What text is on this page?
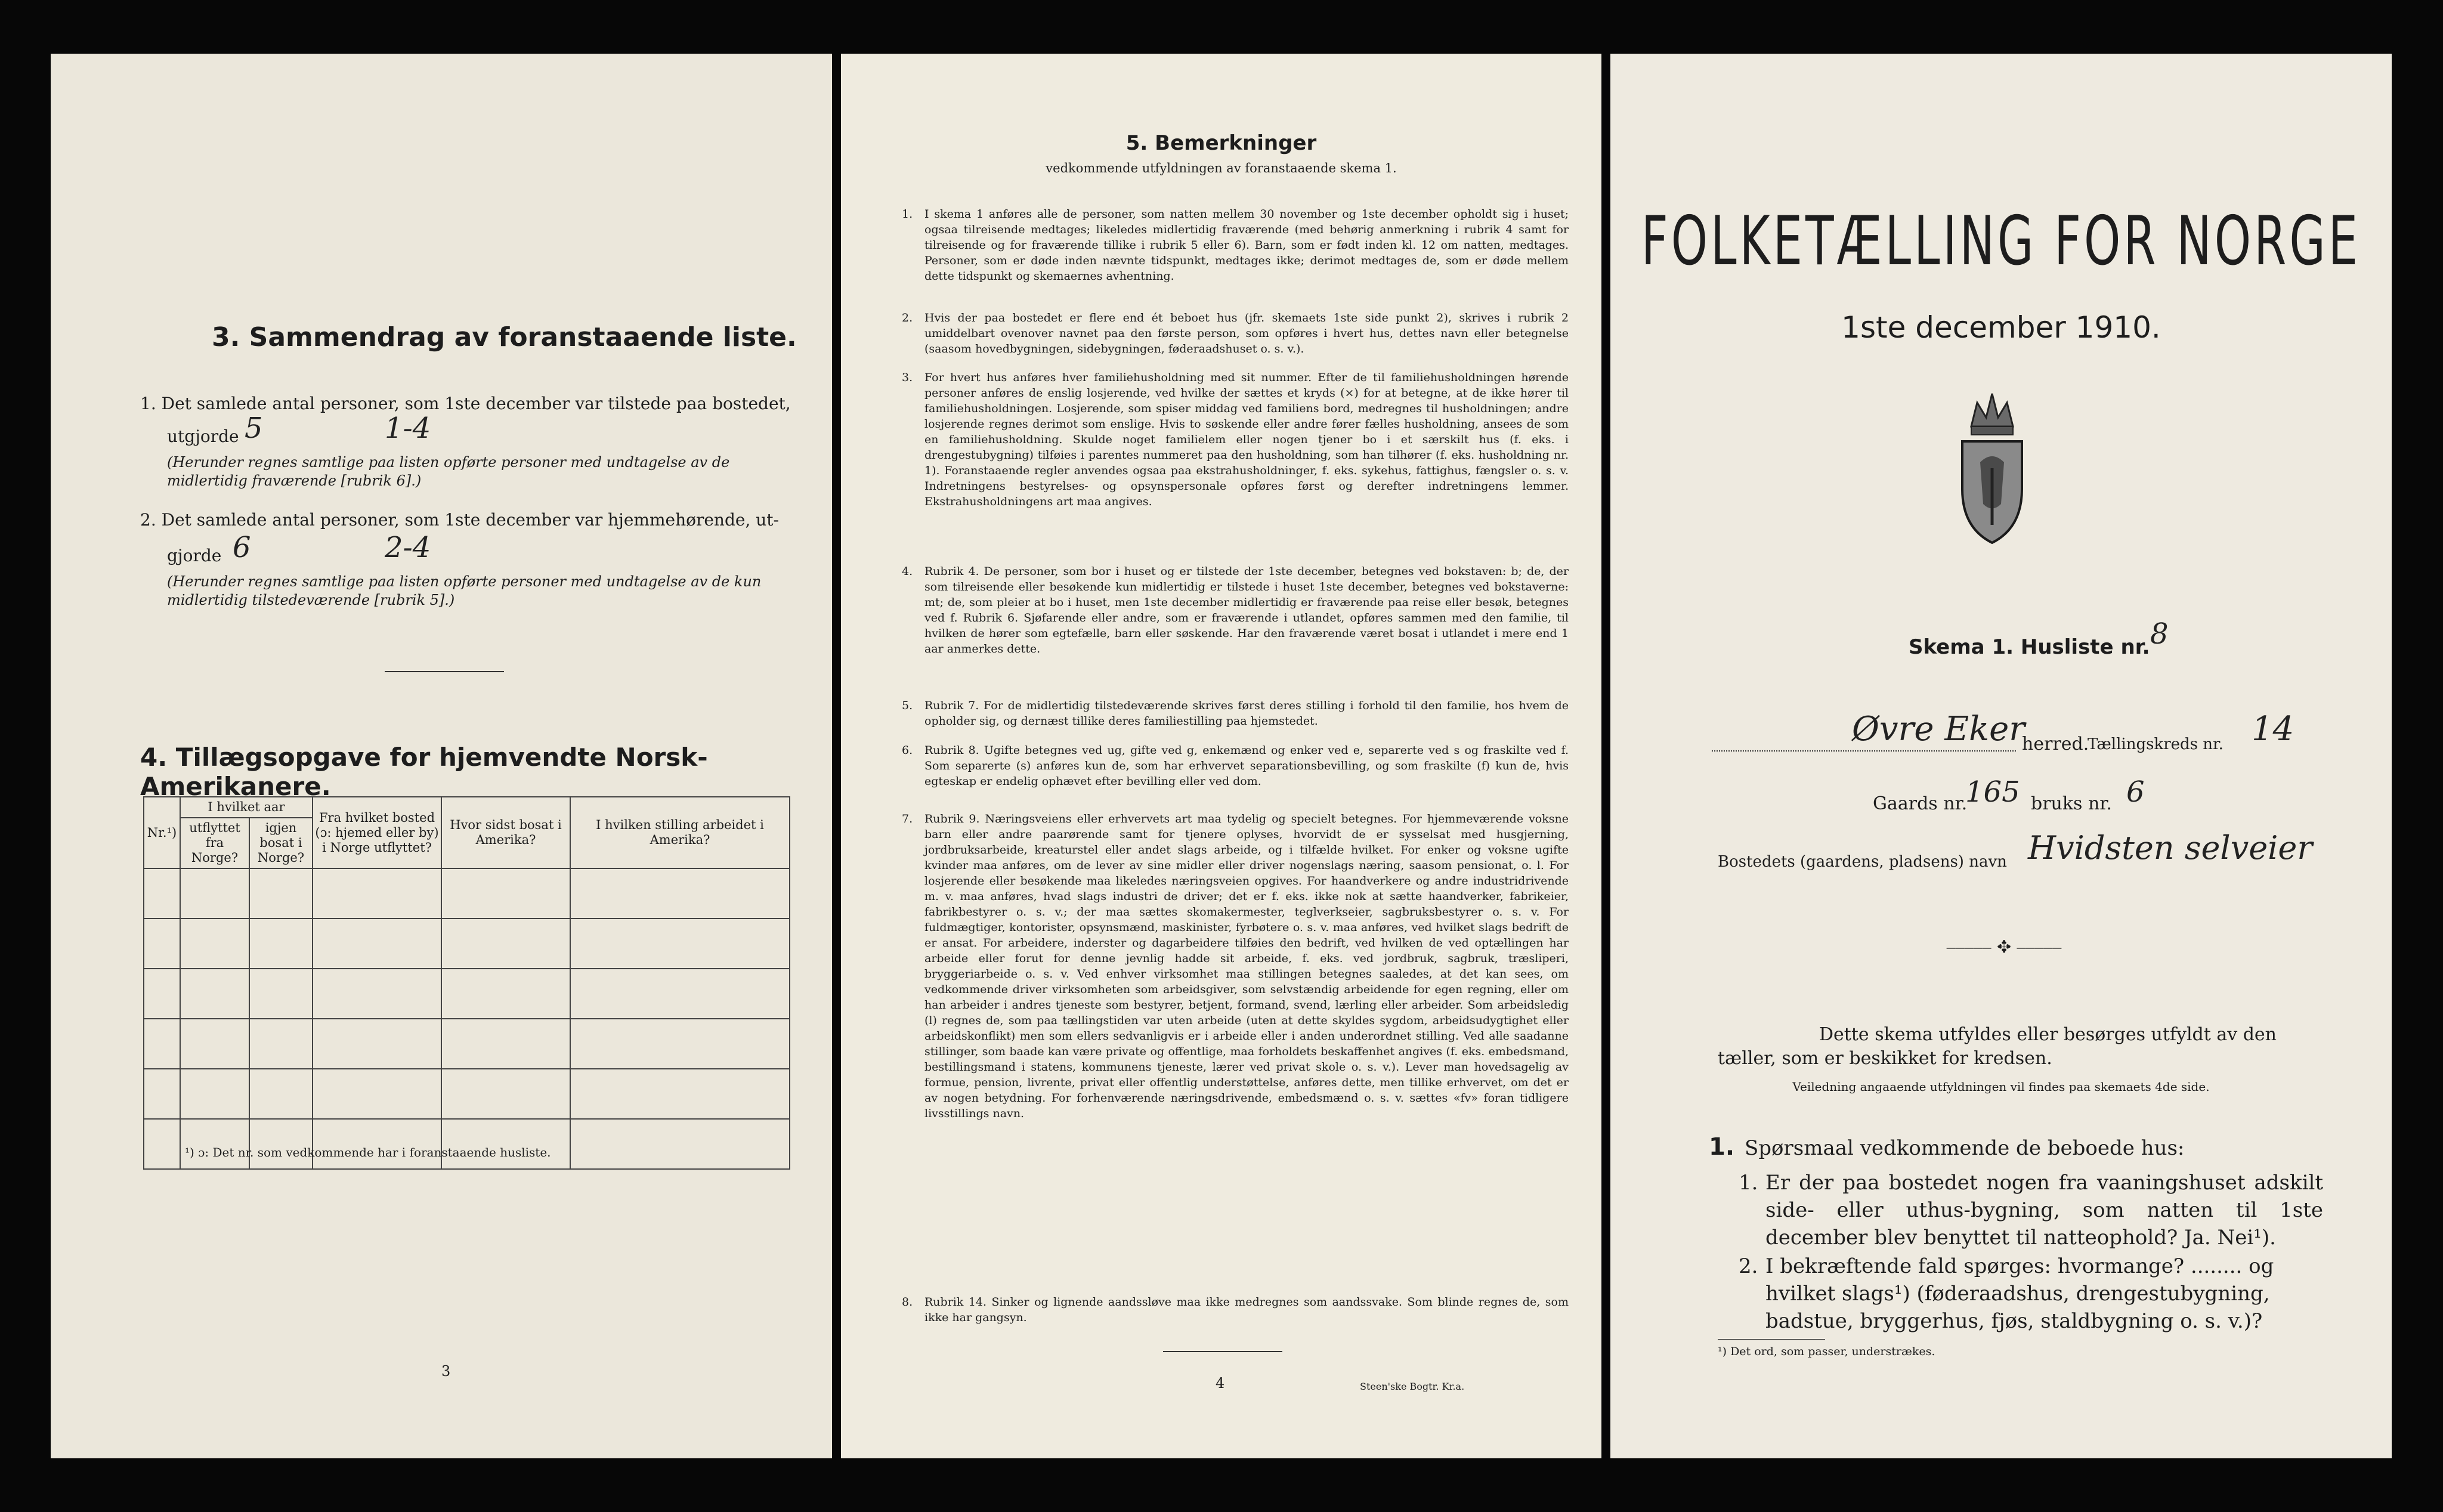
3. Sammendrag av foranstaaende liste.
1. Det samlede antal personer, som 1ste december var tilstede paa bostedet,
utgjorde 5	1-4
(Herunder regnes samtlige paa listen opførte personer med undtagelse av de midlertidig fraværende [rubrik 6].)
2. Det samlede antal personer, som 1ste december var hjemmehørende, ut-
gjorde 6	2-4
(Herunder regnes samtlige paa listen opførte personer med undtagelse av de kun midlertidig tilstedeværende [rubrik 5].)
4. Tillægsopgave for hjemvendte Norsk-Amerikanere.
Nr.¹)	I hvilket aar		Fra hvilket bosted (ɔ: hjemed eller by) i Norge utflyttet?	Hvor sidst bosat i Amerika?	I hvilken stilling arbeidet i Amerika?
	utflyttet fra Norge?	igjen bosat i Norge?			

¹) ɔ: Det nr. som vedkommende har i foranstaaende husliste.
3
5. Bemerkninger
vedkommende utfyldningen av foranstaaende skema 1.
1. I skema 1 anføres alle de personer, som natten mellem 30 november og 1ste december opholdt sig i huset; ogsaa tilreisende medtages; likeledes midlertidig fraværende (med behørig anmerkning i rubrik 4 samt for tilreisende og for fraværende tillike i rubrik 5 eller 6). Barn, som er født inden kl. 12 om natten, medtages. Personer, som er døde inden nævnte tidspunkt, medtages ikke; derimot medtages de, som er døde mellem dette tidspunkt og skemaernes avhentning.
2. Hvis der paa bostedet er flere end ét beboet hus (jfr. skemaets 1ste side punkt 2), skrives i rubrik 2 umiddelbart ovenover navnet paa den første person, som opføres i hvert hus, dettes navn eller betegnelse (saasom hovedbygningen, sidebygningen, føderaadshuset o. s. v.).
3. For hvert hus anføres hver familiehusholdning med sit nummer. Efter de til familiehusholdningen hørende personer anføres de enslig losjerende, ved hvilke der sættes et kryds (×) for at betegne, at de ikke hører til familiehusholdningen. Losjerende, som spiser middag ved familiens bord, medregnes til husholdningen; andre losjerende regnes derimot som enslige. Hvis to søskende eller andre fører fælles husholdning, ansees de som en familiehusholdning. Skulde noget familielem eller nogen tjener bo i et særskilt hus (f. eks. i drengestubygning) tilføies i parentes nummeret paa den husholdning, som han tilhører (f. eks. husholdning nr. 1). Foranstaaende regler anvendes ogsaa paa ekstrahusholdninger, f. eks. sykehus, fattighus, fængsler o. s. v. Indretningens bestyrelses- og opsynspersonale opføres først og derefter indretningens lemmer. Ekstrahusholdningens art maa angives.
4. Rubrik 4. De personer, som bor i huset og er tilstede der 1ste december, betegnes ved bokstaven: b; de, der som tilreisende eller besøkende kun midlertidig er tilstede i huset 1ste december, betegnes ved bokstaverne: mt; de, som pleier at bo i huset, men 1ste december midlertidig er fraværende paa reise eller besøk, betegnes ved f. Rubrik 6. Sjøfarende eller andre, som er fraværende i utlandet, opføres sammen med den familie, til hvilken de hører som egtefælle, barn eller søskende. Har den fraværende været bosat i utlandet i mere end 1 aar anmerkes dette.
5. Rubrik 7. For de midlertidig tilstedeværende skrives først deres stilling i forhold til den familie, hos hvem de opholder sig, og dernæst tillike deres familiestilling paa hjemstedet.
6. Rubrik 8. Ugifte betegnes ved ug, gifte ved g, enkemænd og enker ved e, separerte ved s og fraskilte ved f. Som separerte (s) anføres kun de, som har erhvervet separationsbevilling, og som fraskilte (f) kun de, hvis egteskap er endelig ophævet efter bevilling eller ved dom.
7. Rubrik 9. Næringsveiens eller erhvervets art maa tydelig og specielt betegnes. For hjemmeværende voksne barn eller andre paarørende samt for tjenere oplyses, hvorvidt de er sysselsat med husgjerning, jordbruksarbeide, kreaturstel eller andet slags arbeide, og i tilfælde hvilket. For enker og voksne ugifte kvinder maa anføres, om de lever av sine midler eller driver nogenslags næring, saasom pensionat, o. l. For losjerende eller besøkende maa likeledes næringsveien opgives. For haandverkere og andre industridrivende m. v. maa anføres, hvad slags industri de driver; det er f. eks. ikke nok at sætte haandverker, fabrikeier, fabrikbestyrer o. s. v.; der maa sættes skomakermester, teglverkseier, sagbruksbestyrer o. s. v. For fuldmægtiger, kontorister, opsynsmænd, maskinister, fyrbøtere o. s. v. maa anføres, ved hvilket slags bedrift de er ansat. For arbeidere, inderster og dagarbeidere tilføies den bedrift, ved hvilken de ved optællingen har arbeide eller forut for denne jevnlig hadde sit arbeide, f. eks. ved jordbruk, sagbruk, træsliperi, bryggeriarbeide o. s. v. Ved enhver virksomhet maa stillingen betegnes saaledes, at det kan sees, om vedkommende driver virksomheten som arbeidsgiver, som selvstændig arbeidende for egen regning, eller om han arbeider i andres tjeneste som bestyrer, betjent, formand, svend, lærling eller arbeider. Som arbeidsledig (l) regnes de, som paa tællingstiden var uten arbeide (uten at dette skyldes sygdom, arbeidsudygtighet eller arbeidskonflikt) men som ellers sedvanligvis er i arbeide eller i anden underordnet stilling. Ved alle saadanne stillinger, som baade kan være private og offentlige, maa forholdets beskaffenhet angives (f. eks. embedsmand, bestillingsmand i statens, kommunens tjeneste, lærer ved privat skole o. s. v.). Lever man hovedsagelig av formue, pension, livrente, privat eller offentlig understøttelse, anføres dette, men tillike erhvervet, om det er av nogen betydning. For forhenværende næringsdrivende, embedsmænd o. s. v. sættes «fv» foran tidligere livsstillings navn.
8. Rubrik 14. Sinker og lignende aandssløve maa ikke medregnes som aandssvake. Som blinde regnes de, som ikke har gangsyn.
4	Steen'ske Bogtr. Kr.a.
FOLKETÆLLING FOR NORGE
1ste december 1910.
Skema 1. Husliste nr. 8
Øvre Eker
herred.
Tællingskreds nr. 14
Gaards nr.
165 bruks nr. 6
Bostedets (gaardens, pladsens) navn Hvidsten selveier
⎯⎯⎯⎯⎯ ✥ ⎯⎯⎯⎯⎯
Dette skema utfyldes eller besørges utfyldt av den tæller, som er beskikket for kredsen.
Veiledning angaaende utfyldningen vil findes paa skemaets 4de side.
1. Spørsmaal vedkommende de beboede hus:
1. Er der paa bostedet nogen fra vaaningshuset adskilt side- eller uthus-bygning, som natten til 1ste december blev benyttet til natteophold? Ja. Nei¹).
2. I bekræftende fald spørges: hvormange? ........ og hvilket slags¹) (føderaadshus, drengestubygning, badstue, bryggerhus, fjøs, staldbygning o. s. v.)?
¹) Det ord, som passer, understrækes.
